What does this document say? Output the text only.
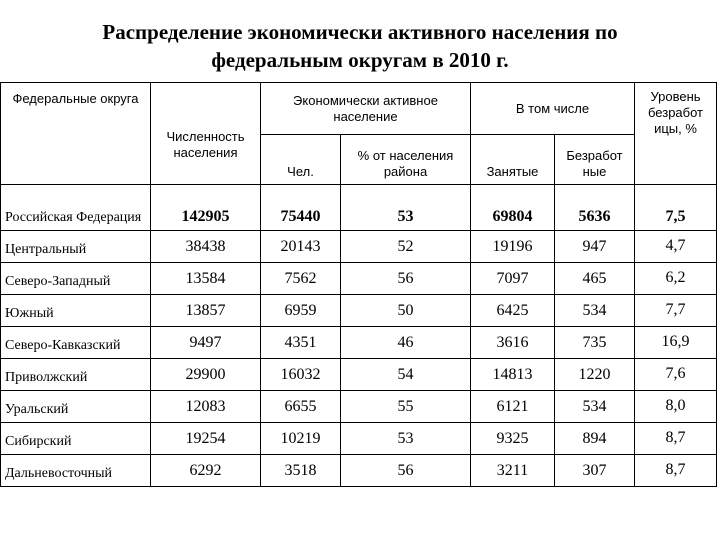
Распределение экономически активного населения по
федеральным округам в 2010 г.
Федеральные округа	Численность населения	Экономически активное население		В том числе		Уровень безработ ицы, %
		Чел.	% от населения района	Занятые	Безработ ные	
Российская Федерация	142905	75440	53	69804	5636	7,5
Центральный	38438	20143	52	19196	947	4,7
Северо-Западный	13584	7562	56	7097	465	6,2
Южный	13857	6959	50	6425	534	7,7
Северо-Кавказский	9497	4351	46	3616	735	16,9
Приволжский	29900	16032	54	14813	1220	7,6
Уральский	12083	6655	55	6121	534	8,0
Сибирский	19254	10219	53	9325	894	8,7
Дальневосточный	6292	3518	56	3211	307	8,7
